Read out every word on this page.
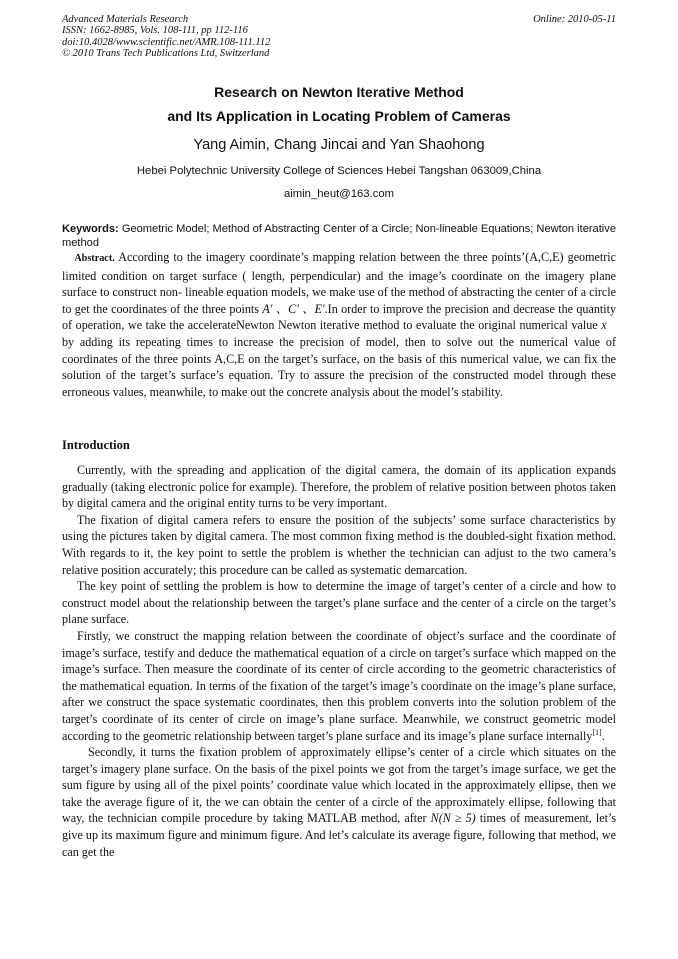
Advanced Materials Research
ISSN: 1662-8985, Vols. 108-111, pp 112-116
doi:10.4028/www.scientific.net/AMR.108-111.112
© 2010 Trans Tech Publications Ltd, Switzerland
Online: 2010-05-11
Research on Newton Iterative Method
and Its Application in Locating Problem of Cameras
Yang Aimin, Chang Jincai and Yan Shaohong
Hebei Polytechnic University College of Sciences Hebei Tangshan 063009,China
aimin_heut@163.com
Keywords: Geometric Model; Method of Abstracting Center of a Circle; Non-lineable Equations; Newton iterative method
Abstract. According to the imagery coordinate’s mapping relation between the three points’(A,C,E) geometric limited condition on target surface ( length, perpendicular) and the image’s coordinate on the imagery plane surface to construct non- lineable equation models, we make use of the method of abstracting the center of a circle to get the coordinates of the three points A' 、C' 、E'.In order to improve the precision and decrease the quantity of operation, we take the accelerateNewton Newton iterative method to evaluate the original numerical value x⃗ by adding its repeating times to increase the precision of model, then to solve out the numerical value of coordinates of the three points A,C,E on the target’s surface, on the basis of this numerical value, we can fix the solution of the target’s surface’s equation. Try to assure the precision of the constructed model through these erroneous values, meanwhile, to make out the concrete analysis about the model’s stability.
Introduction

Currently, with the spreading and application of the digital camera, the domain of its application expands gradually (taking electronic police for example). Therefore, the problem of relative position between photos taken by digital camera and the original entity turns to be very important.

The fixation of digital camera refers to ensure the position of the subjects’ some surface characteristics by using the pictures taken by digital camera. The most common fixing method is the doubled-sight fixation method. With regards to it, the key point to settle the problem is whether the technician can adjust to the two camera’s relative position accurately; this procedure can be called as systematic demarcation.

The key point of settling the problem is how to determine the image of target’s center of a circle and how to construct model about the relationship between the target’s plane surface and the center of a circle on the target’s plane surface.

Firstly, we construct the mapping relation between the coordinate of object’s surface and the coordinate of image’s surface, testify and deduce the mathematical equation of a circle on target’s surface which mapped on the image’s surface. Then measure the coordinate of its center of circle according to the geometric characteristics of the mathematical equation. In terms of the fixation of the target’s image’s coordinate on the image’s plane surface, after we construct the space systematic coordinates, then this problem converts into the solution problem of the target’s coordinate of its center of circle on image’s plane surface. Meanwhile, we construct geometric model according to the geometric relationship between target’s plane surface and its image’s plane surface internally[1].

Secondly, it turns the fixation problem of approximately ellipse’s center of a circle which situates on the target’s imagery plane surface. On the basis of the pixel points we got from the target’s image surface, we get the sum figure by using all of the pixel points’ coordinate value which located in the approximately ellipse, then we take the average figure of it, the we can obtain the center of a circle of the approximately ellipse, following that way, the technician compile procedure by taking MATLAB method, after N(N ≥ 5) times of measurement, let’s give up its maximum figure and minimum figure. And let’s calculate its average figure, following that method, we can get the
